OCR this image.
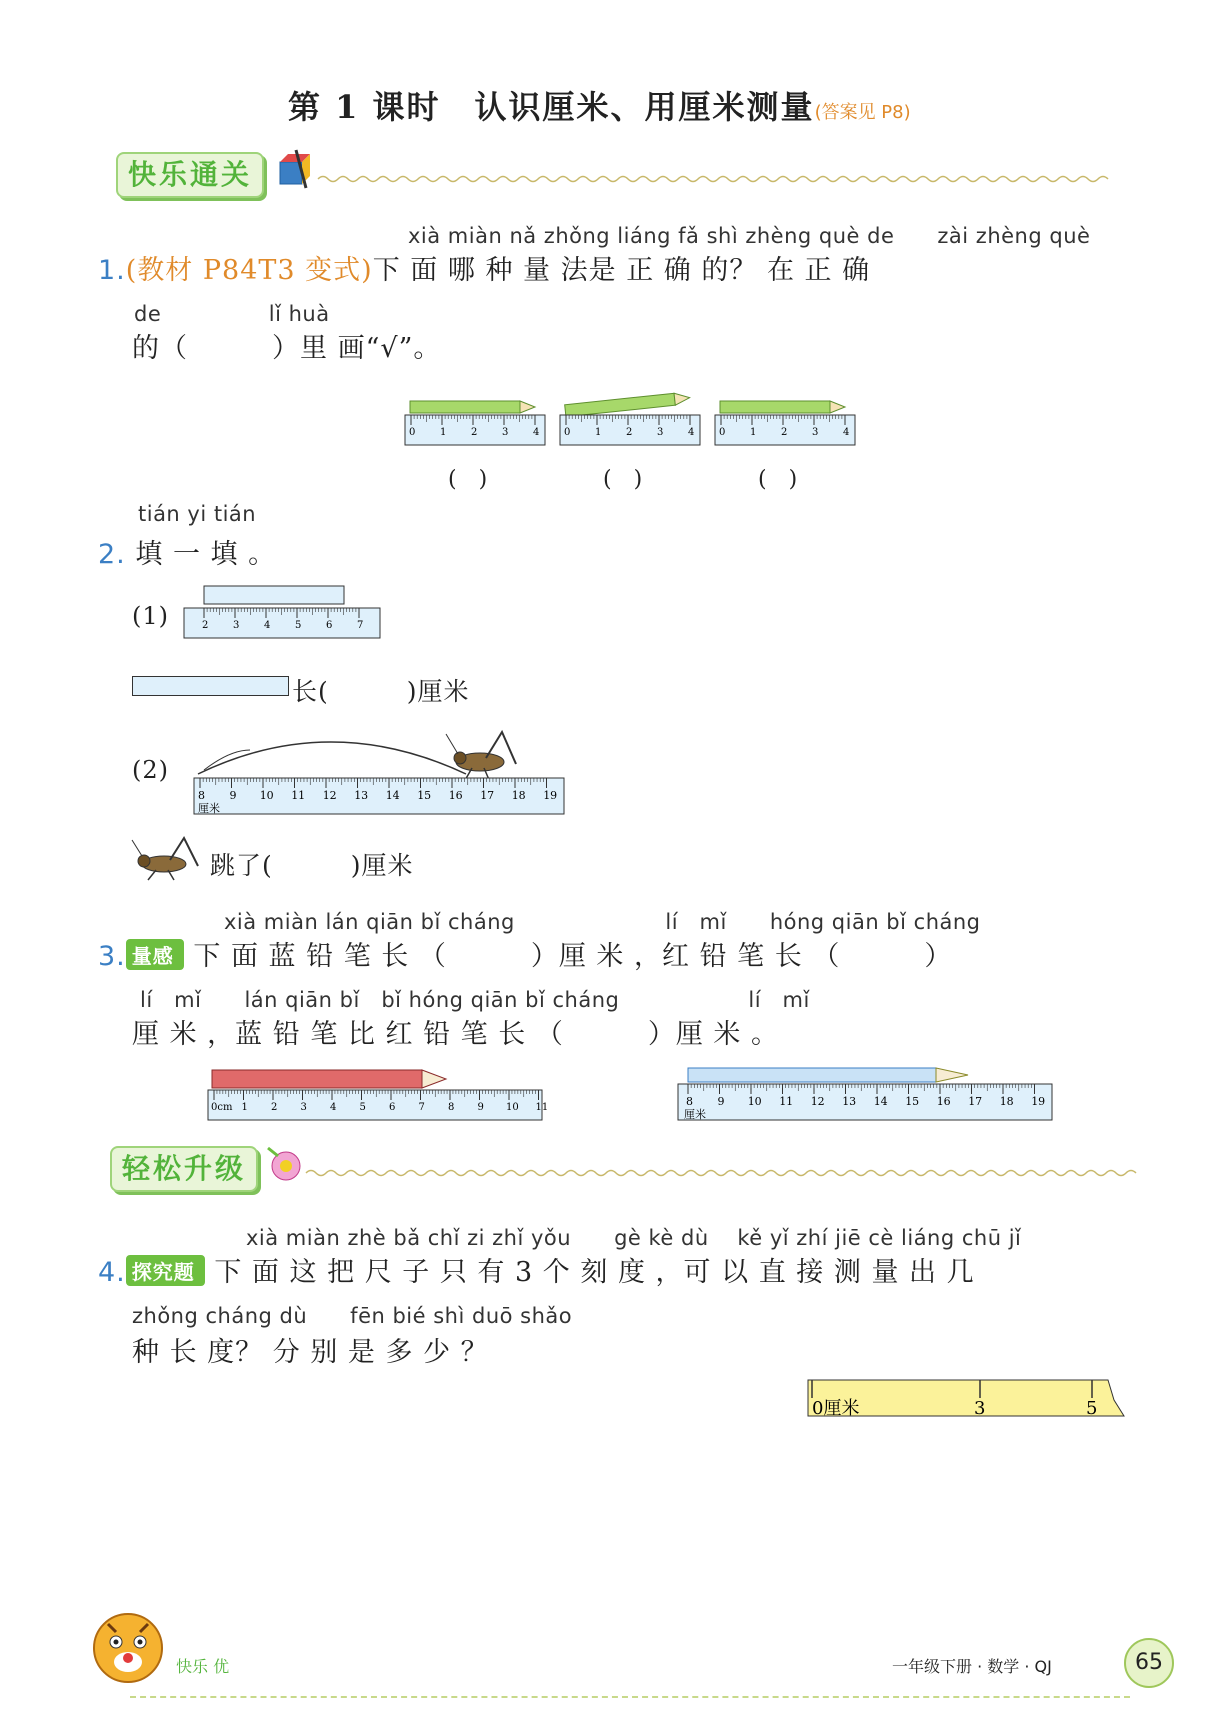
第 1 课时　认识厘米、用厘米测量(答案见 P8)
快乐通关
xià miàn nǎ zhǒng liáng fǎ shì zhèng què de　　zài zhèng què
1.(教材 P84T3 变式)下 面 哪 种 量 法是 正 确 的？ 在 正 确
de　　　　　lǐ huà
的（　　　）里 画“√”。
0 1 2 3 4 0 1 2 3 4 0 1 2 3 4
(　)	(　)	(　)
tián yi tián
2. 填 一 填 。
(1)	2 3 4 5 6 7
长(　　　)厘米
(2)
8 9 10 11 12 13 14 15 16 17 18 19
厘米
跳了(　　　)厘米
xià miàn lán qiān bǐ cháng　　　　　　　lí　mǐ　　hóng qiān bǐ cháng
3. 量感 下 面 蓝 铅 笔 长 （　　　）厘 米 ，红 铅 笔 长 （　　　）
lí　mǐ　　lán qiān bǐ　bǐ hóng qiān bǐ cháng　　　　　　lí　mǐ
厘 米 ，蓝 铅 笔 比 红 铅 笔 长 （　　　）厘 米 。
0cm 1 2 3 4 5 6 7 8 9 10 11	8 9 10 11 12 13 14 15 16 17 18 19
厘米
轻松升级
xià miàn zhè bǎ chǐ zi zhǐ yǒu　　gè kè dù　 kě yǐ zhí jiē cè liáng chū jǐ
4. 探究题 下 面 这 把 尺 子 只 有 3 个 刻 度 ，可 以 直 接 测 量 出 几
zhǒng cháng dù　　fēn bié shì duō shǎo
种 长 度？ 分 别 是 多 少 ？
0厘米	3	5
快乐 优	一年级下册 · 数学 · QJ	65
